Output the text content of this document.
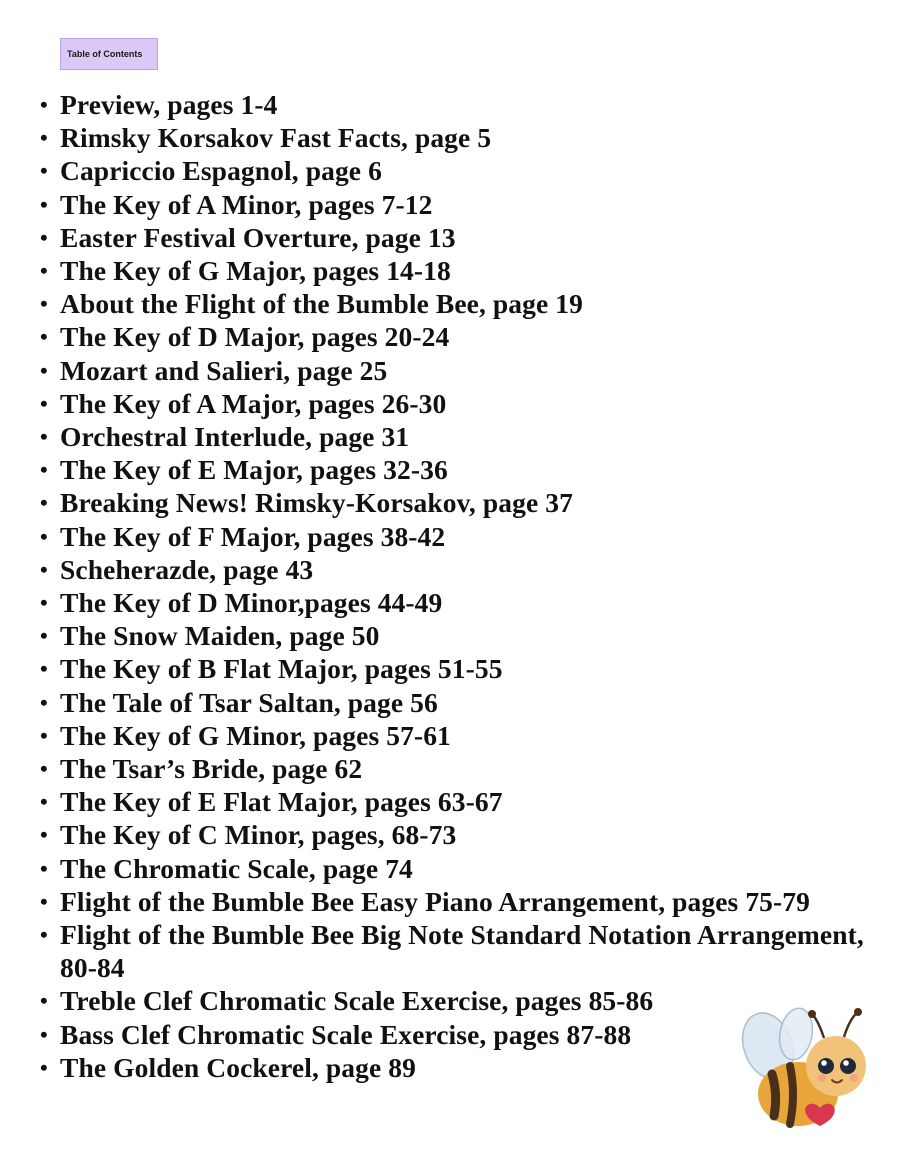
Table of Contents
• Preview, pages 1-4
• Rimsky Korsakov Fast Facts, page 5
• Capriccio Espagnol, page 6
• The Key of A Minor, pages 7-12
• Easter Festival Overture, page 13
• The Key of G Major, pages 14-18
• About the Flight of the Bumble Bee, page 19
• The Key of D Major, pages 20-24
• Mozart and Salieri, page 25
• The Key of A Major, pages 26-30
• Orchestral Interlude, page 31
• The Key of E Major, pages 32-36
• Breaking News! Rimsky-Korsakov, page 37
• The Key of F Major, pages 38-42
• Scheherazde, page 43
• The Key of D Minor,pages 44-49
• The Snow Maiden, page 50
• The Key of B Flat Major, pages 51-55
• The Tale of Tsar Saltan, page 56
• The Key of G Minor, pages 57-61
• The Tsar’s Bride, page 62
• The Key of E Flat Major, pages 63-67
• The Key of C Minor, pages, 68-73
• The Chromatic Scale, page 74
• Flight of the Bumble Bee Easy Piano Arrangement, pages 75-79
• Flight of the Bumble Bee Big Note Standard Notation Arrangement, 80-84
• Treble Clef Chromatic Scale Exercise, pages 85-86
• Bass Clef Chromatic Scale Exercise, pages 87-88
• The Golden Cockerel, page 89
